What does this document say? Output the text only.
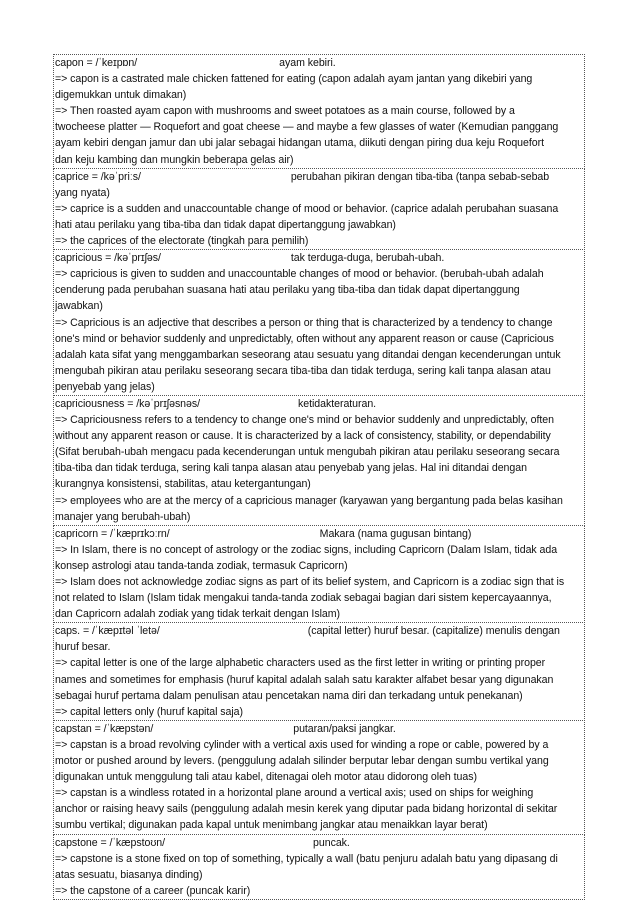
capon = /ˈkeɪpɒn/	ayam kebiri.
=> capon is a castrated male chicken fattened for eating (capon adalah ayam jantan yang dikebiri yang
digemukkan untuk dimakan)
=> Then roasted ayam capon with mushrooms and sweet potatoes as a main course, followed by a
twocheese platter — Roquefort and goat cheese — and maybe a few glasses of water (Kemudian panggang
ayam kebiri dengan jamur dan ubi jalar sebagai hidangan utama, diikuti dengan piring dua keju Roquefort
dan keju kambing dan mungkin beberapa gelas air)
caprice = /kəˈpriːs/	perubahan pikiran dengan tiba-tiba (tanpa sebab-sebab
yang nyata)
=> caprice is a sudden and unaccountable change of mood or behavior. (caprice adalah perubahan suasana
hati atau perilaku yang tiba-tiba dan tidak dapat dipertanggung jawabkan)
=> the caprices of the electorate (tingkah para pemilih)
capricious = /kəˈprɪʃəs/	tak terduga-duga, berubah-ubah.
=> capricious is given to sudden and unaccountable changes of mood or behavior. (berubah-ubah adalah
cenderung pada perubahan suasana hati atau perilaku yang tiba-tiba dan tidak dapat dipertanggung
jawabkan)
=> Capricious is an adjective that describes a person or thing that is characterized by a tendency to change
one's mind or behavior suddenly and unpredictably, often without any apparent reason or cause (Capricious
adalah kata sifat yang menggambarkan seseorang atau sesuatu yang ditandai dengan kecenderungan untuk
mengubah pikiran atau perilaku seseorang secara tiba-tiba dan tidak terduga, sering kali tanpa alasan atau
penyebab yang jelas)
capriciousness = /kəˈprɪʃəsnəs/	ketidakteraturan.
=> Capriciousness refers to a tendency to change one's mind or behavior suddenly and unpredictably, often
without any apparent reason or cause. It is characterized by a lack of consistency, stability, or dependability
(Sifat berubah-ubah mengacu pada kecenderungan untuk mengubah pikiran atau perilaku seseorang secara
tiba-tiba dan tidak terduga, sering kali tanpa alasan atau penyebab yang jelas. Hal ini ditandai dengan
kurangnya konsistensi, stabilitas, atau ketergantungan)
=> employees who are at the mercy of a capricious manager (karyawan yang bergantung pada belas kasihan
manajer yang berubah-ubah)
capricorn = /ˈkæprɪkɔːrn/	Makara (nama gugusan bintang)
=> In Islam, there is no concept of astrology or the zodiac signs, including Capricorn (Dalam Islam, tidak ada
konsep astrologi atau tanda-tanda zodiak, termasuk Capricorn)
=> Islam does not acknowledge zodiac signs as part of its belief system, and Capricorn is a zodiac sign that is
not related to Islam (Islam tidak mengakui tanda-tanda zodiak sebagai bagian dari sistem kepercayaannya,
dan Capricorn adalah zodiak yang tidak terkait dengan Islam)
caps. = /ˈkæpɪtəl ˈletə/	(capital letter) huruf besar. (capitalize) menulis dengan
huruf besar.
=> capital letter is one of the large alphabetic characters used as the first letter in writing or printing proper
names and sometimes for emphasis (huruf kapital adalah salah satu karakter alfabet besar yang digunakan
sebagai huruf pertama dalam penulisan atau pencetakan nama diri dan terkadang untuk penekanan)
=> capital letters only (huruf kapital saja)
capstan = /ˈkæpstən/	putaran/paksi jangkar.
=> capstan is a broad revolving cylinder with a vertical axis used for winding a rope or cable, powered by a
motor or pushed around by levers. (penggulung adalah silinder berputar lebar dengan sumbu vertikal yang
digunakan untuk menggulung tali atau kabel, ditenagai oleh motor atau didorong oleh tuas)
=> capstan is a windless rotated in a horizontal plane around a vertical axis; used on ships for weighing
anchor or raising heavy sails (penggulung adalah mesin kerek yang diputar pada bidang horizontal di sekitar
sumbu vertikal; digunakan pada kapal untuk menimbang jangkar atau menaikkan layar berat)
capstone = /ˈkæpstoʊn/	puncak.
=> capstone is a stone fixed on top of something, typically a wall (batu penjuru adalah batu yang dipasang di
atas sesuatu, biasanya dinding)
=> the capstone of a career (puncak karir)
